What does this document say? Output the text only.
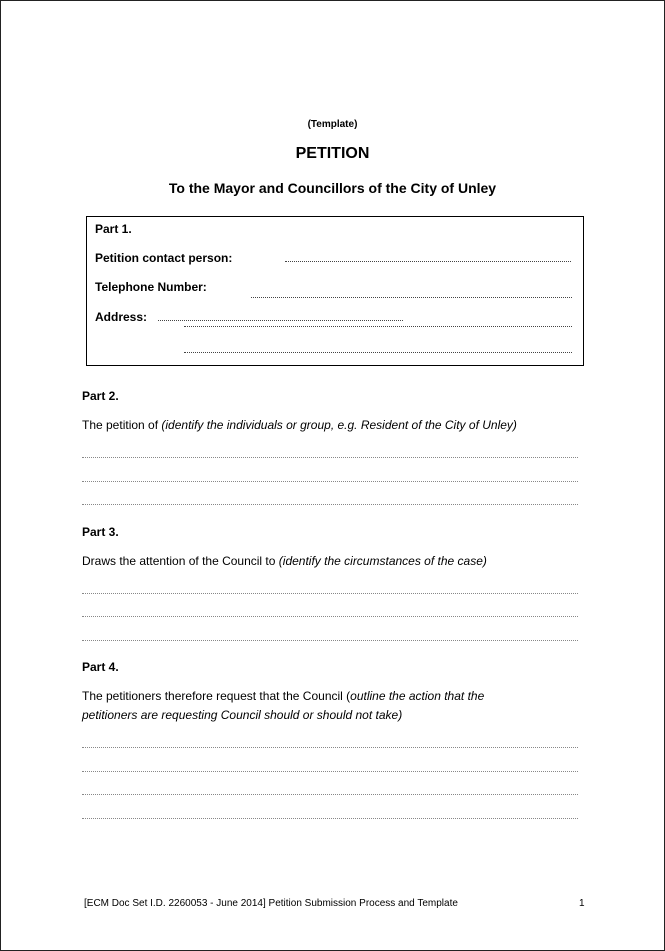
(Template)
PETITION
To the Mayor and Councillors of the City of Unley
Part 1.
Petition contact person:
Telephone Number:
Address:
Part 2.
The petition of (identify the individuals or group, e.g. Resident of the City of Unley)
Part 3.
Draws the attention of the Council to (identify the circumstances of the case)
Part 4.
The petitioners therefore request that the Council (outline the action that the
petitioners are requesting Council should or should not take)
[ECM Doc Set I.D. 2260053 - June 2014] Petition Submission Process and Template	1
